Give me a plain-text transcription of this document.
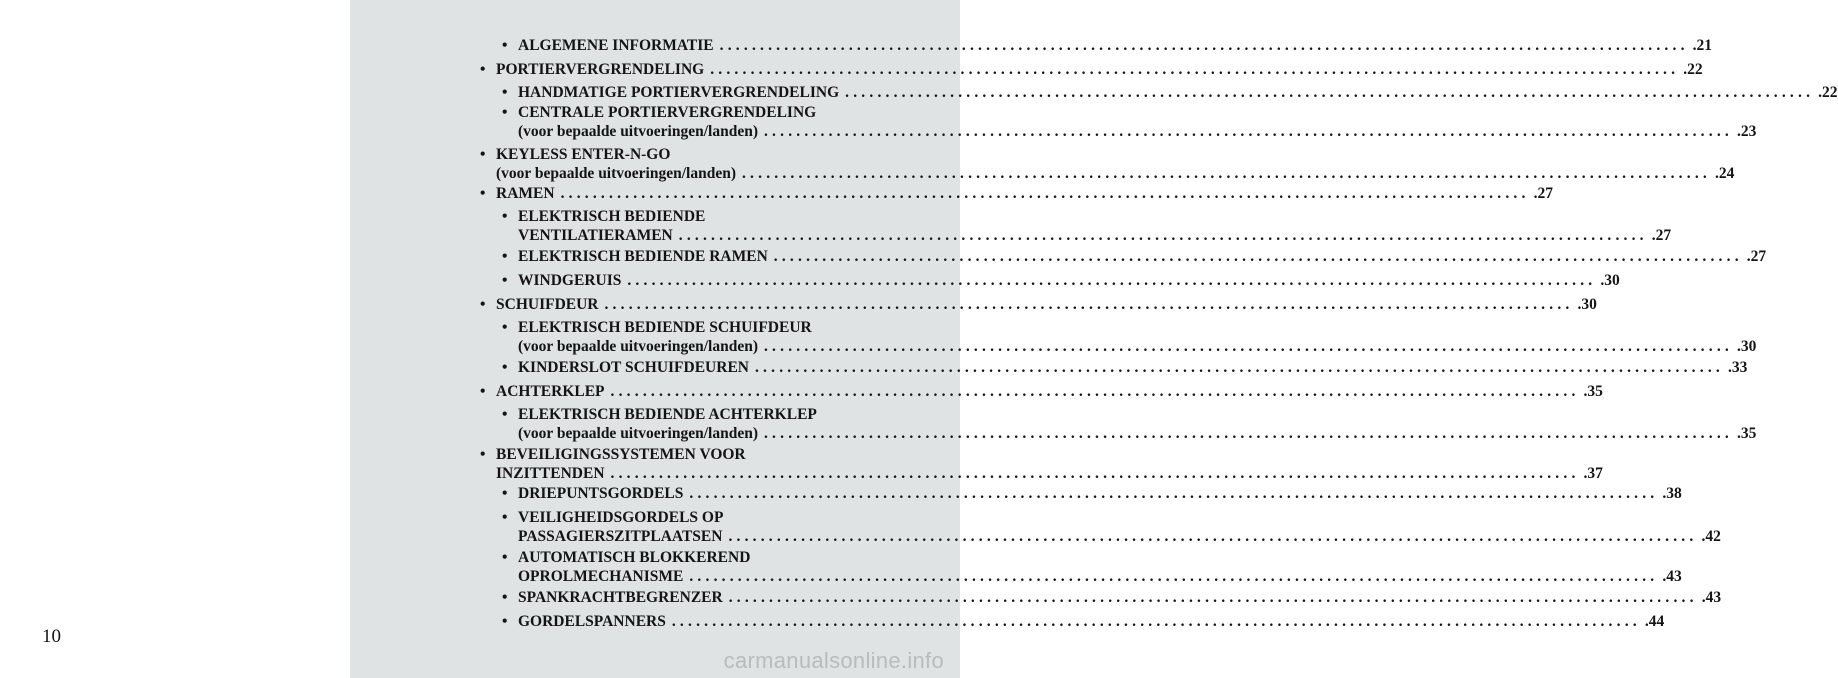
10
• ALGEMENE INFORMATIE ........................................................................................................................ .21
• PORTIERVERGRENDELING ........................................................................................................................ .22
• HANDMATIGE PORTIERVERGRENDELING ........................................................................................................................ .22
• CENTRALE PORTIERVERGRENDELING
(voor bepaalde uitvoeringen/landen) ........................................................................................................................ .23
• KEYLESS ENTER-N-GO
(voor bepaalde uitvoeringen/landen) ........................................................................................................................ .24
• RAMEN ........................................................................................................................ .27
• ELEKTRISCH BEDIENDE
VENTILATIERAMEN ........................................................................................................................ .27
• ELEKTRISCH BEDIENDE RAMEN ........................................................................................................................ .27
• WINDGERUIS ........................................................................................................................ .30
• SCHUIFDEUR ........................................................................................................................ .30
• ELEKTRISCH BEDIENDE SCHUIFDEUR
(voor bepaalde uitvoeringen/landen) ........................................................................................................................ .30
• KINDERSLOT SCHUIFDEUREN ........................................................................................................................ .33
• ACHTERKLEP ........................................................................................................................ .35
• ELEKTRISCH BEDIENDE ACHTERKLEP
(voor bepaalde uitvoeringen/landen) ........................................................................................................................ .35
• BEVEILIGINGSSYSTEMEN VOOR
INZITTENDEN ........................................................................................................................ .37
• DRIEPUNTSGORDELS ........................................................................................................................ .38
• VEILIGHEIDSGORDELS OP
PASSAGIERSZITPLAATSEN ........................................................................................................................ .42
• AUTOMATISCH BLOKKEREND
OPROLMECHANISME ........................................................................................................................ .43
• SPANKRACHTBEGRENZER ........................................................................................................................ .43
• GORDELSPANNERS ........................................................................................................................ .44
carmanualsonline.info
